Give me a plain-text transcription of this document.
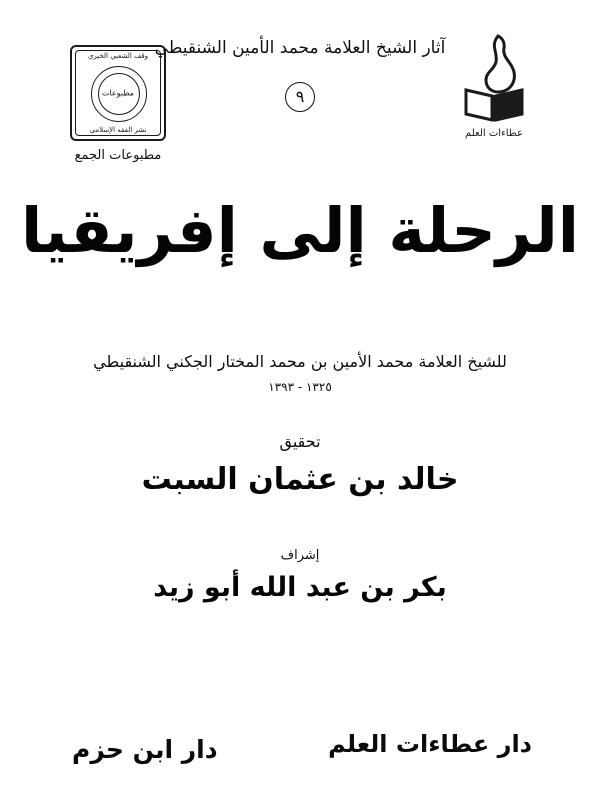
آثار الشيخ العلامة محمد الأمين الشنقيطي
٩
وقف الشعبي الخيري
مطبوعات
نشر الفقه الإسلامي
مطبوعات الجمع
عطاءات العلم
الرحلة إلى إفريقيا
للشيخ العلامة محمد الأمين بن محمد المختار الجكني الشنقيطي
١٣٢٥ - ١٣٩٣
تحقيق
خالد بن عثمان السبت
إشراف
بكر بن عبد الله أبو زيد
دار عطاءات العلم
دار ابن حزم
